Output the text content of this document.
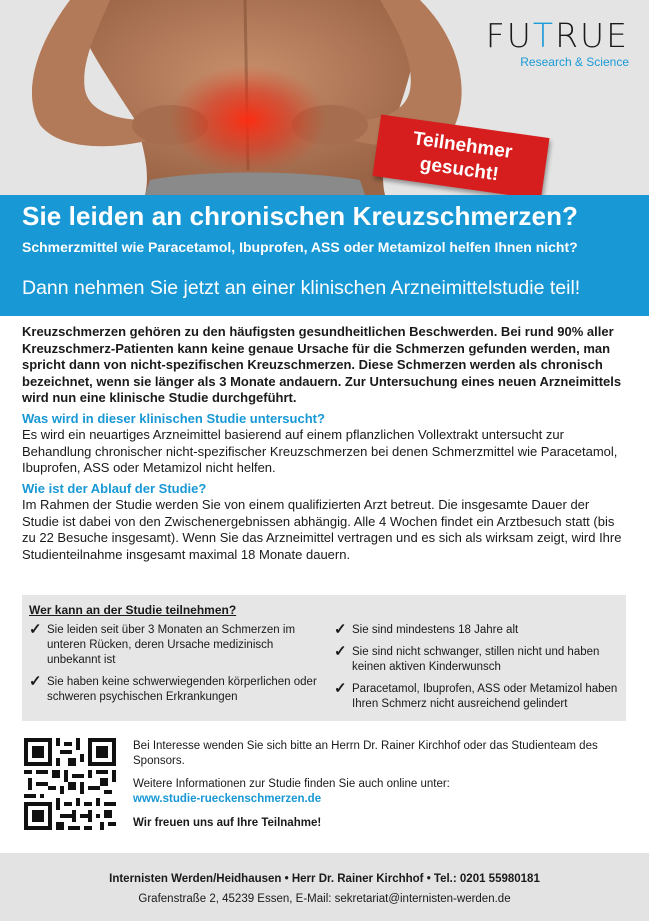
FUTRUE
Research & Science
Teilnehmer
gesucht!
Sie leiden an chronischen Kreuzschmerzen?
Schmerzmittel wie Paracetamol, Ibuprofen, ASS oder Metamizol helfen Ihnen nicht?
Dann nehmen Sie jetzt an einer klinischen Arzneimittelstudie teil!

Kreuzschmerzen gehören zu den häufigsten gesundheitlichen Beschwerden. Bei rund 90% aller Kreuzschmerz-Patienten kann keine genaue Ursache für die Schmerzen gefunden werden, man spricht dann von nicht-spezifischen Kreuzschmerzen. Diese Schmerzen werden als chronisch bezeichnet, wenn sie länger als 3 Monate andauern. Zur Untersuchung eines neuen Arzneimittels wird nun eine klinische Studie durchgeführt.

Was wird in dieser klinischen Studie untersucht?

Es wird ein neuartiges Arzneimittel basierend auf einem pflanzlichen Vollextrakt untersucht zur Behandlung chronischer nicht-spezifischer Kreuzschmerzen bei denen Schmerzmittel wie Paracetamol, Ibuprofen, ASS oder Metamizol nicht helfen.

Wie ist der Ablauf der Studie?

Im Rahmen der Studie werden Sie von einem qualifizierten Arzt betreut. Die insgesamte Dauer der Studie ist dabei von den Zwischenergebnissen abhängig. Alle 4 Wochen findet ein Arztbesuch statt (bis zu 22 Besuche insgesamt). Wenn Sie das Arzneimittel vertragen und es sich als wirksam zeigt, wird Ihre Studienteilnahme insgesamt maximal 18 Monate dauern.

Wer kann an der Studie teilnehmen?
✓ Sie leiden seit über 3 Monaten an Schmerzen im unteren Rücken, deren Ursache medizinisch unbekannt ist
✓ Sie haben keine schwerwiegenden körperlichen oder schweren psychischen Erkrankungen
✓ Sie sind mindestens 18 Jahre alt
✓ Sie sind nicht schwanger, stillen nicht und haben keinen aktiven Kinderwunsch
✓ Paracetamol, Ibuprofen, ASS oder Metamizol haben Ihren Schmerz nicht ausreichend gelindert

Bei Interesse wenden Sie sich bitte an Herrn Dr. Rainer Kirchhof oder das Studienteam des Sponsors.

Weitere Informationen zur Studie finden Sie auch online unter:

www.studie-rueckenschmerzen.de

Wir freuen uns auf Ihre Teilnahme!

Internisten Werden/Heidhausen • Herr Dr. Rainer Kirchhof • Tel.: 0201 55980181
Grafenstraße 2, 45239 Essen, E-Mail: sekretariat@internisten-werden.de
